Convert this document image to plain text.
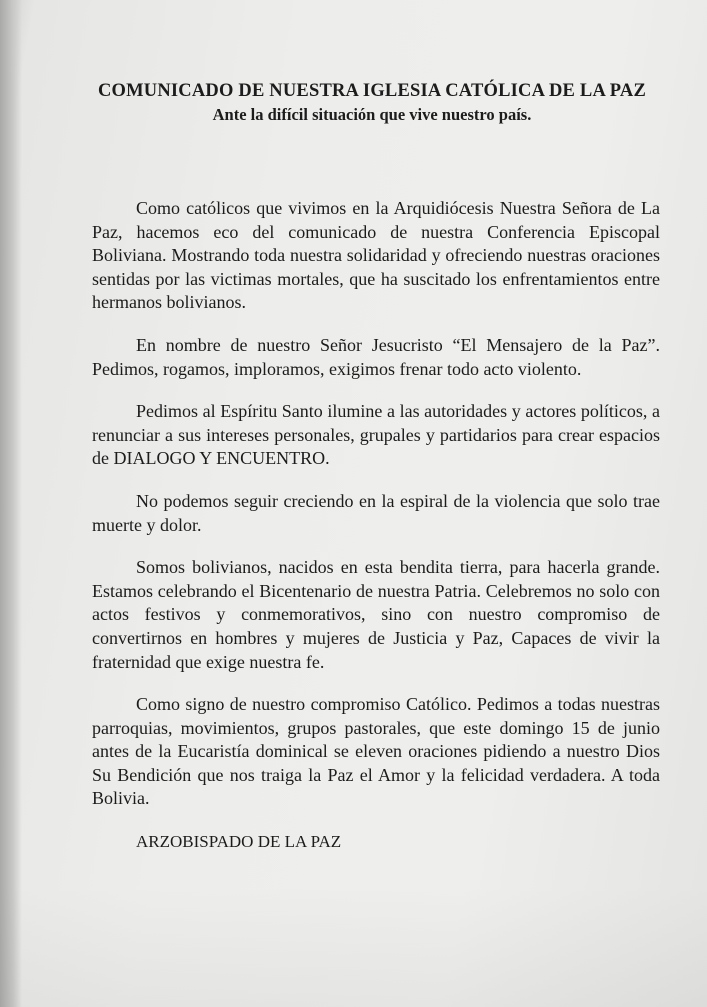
COMUNICADO DE NUESTRA IGLESIA CATÓLICA DE LA PAZ

Ante la difícil situación que vive nuestro país.

Como católicos que vivimos en la Arquidiócesis Nuestra Señora de La Paz, hacemos eco del comunicado de nuestra Conferencia Episcopal Boliviana. Mostrando toda nuestra solidaridad y ofreciendo nuestras oraciones sentidas por las victimas mortales, que ha suscitado los enfrentamientos entre hermanos bolivianos.

En nombre de nuestro Señor Jesucristo “El Mensajero de la Paz”. Pedimos, rogamos, imploramos, exigimos frenar todo acto violento.

Pedimos al Espíritu Santo ilumine a las autoridades y actores políticos, a renunciar a sus intereses personales, grupales y partidarios para crear espacios de DIALOGO Y ENCUENTRO.

No podemos seguir creciendo en la espiral de la violencia que solo trae muerte y dolor.

Somos bolivianos, nacidos en esta bendita tierra, para hacerla grande. Estamos celebrando el Bicentenario de nuestra Patria. Celebremos no solo con actos festivos y conmemorativos, sino con nuestro compromiso de convertirnos en hombres y mujeres de Justicia y Paz, Capaces de vivir la fraternidad que exige nuestra fe.

Como signo de nuestro compromiso Católico. Pedimos a todas nuestras parroquias, movimientos, grupos pastorales, que este domingo 15 de junio antes de la Eucaristía dominical se eleven oraciones pidiendo a nuestro Dios Su Bendición que nos traiga la Paz el Amor y la felicidad verdadera. A toda Bolivia.

ARZOBISPADO DE LA PAZ
